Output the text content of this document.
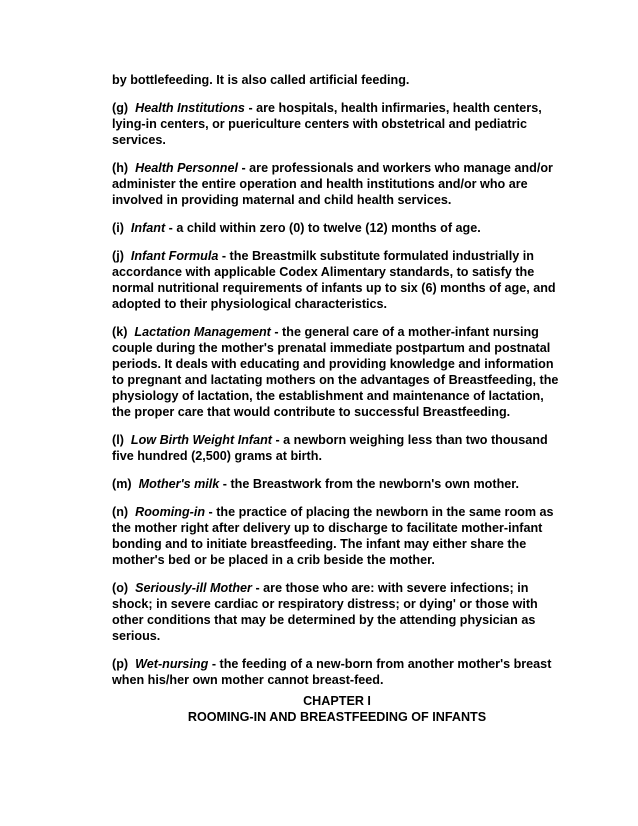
by bottlefeeding. It is also called artificial feeding.

(g) Health Institutions - are hospitals, health infirmaries, health centers, lying-in centers, or puericulture centers with obstetrical and pediatric services.

(h) Health Personnel - are professionals and workers who manage and/or administer the entire operation and health institutions and/or who are involved in providing maternal and child health services.

(i) Infant - a child within zero (0) to twelve (12) months of age.

(j) Infant Formula - the Breastmilk substitute formulated industrially in accordance with applicable Codex Alimentary standards, to satisfy the normal nutritional requirements of infants up to six (6) months of age, and adopted to their physiological characteristics.

(k) Lactation Management - the general care of a mother-infant nursing couple during the mother's prenatal immediate postpartum and postnatal periods. It deals with educating and providing knowledge and information to pregnant and lactating mothers on the advantages of Breastfeeding, the physiology of lactation, the establishment and maintenance of lactation, the proper care that would contribute to successful Breastfeeding.

(l) Low Birth Weight Infant - a newborn weighing less than two thousand five hundred (2,500) grams at birth.

(m) Mother's milk - the Breastwork from the newborn's own mother.

(n) Rooming-in - the practice of placing the newborn in the same room as the mother right after delivery up to discharge to facilitate mother-infant bonding and to initiate breastfeeding. The infant may either share the mother's bed or be placed in a crib beside the mother.

(o) Seriously-ill Mother - are those who are: with severe infections; in shock; in severe cardiac or respiratory distress; or dying' or those with other conditions that may be determined by the attending physician as serious.

(p) Wet-nursing - the feeding of a new-born from another mother's breast when his/her own mother cannot breast-feed.

CHAPTER I
ROOMING-IN AND BREASTFEEDING OF INFANTS
